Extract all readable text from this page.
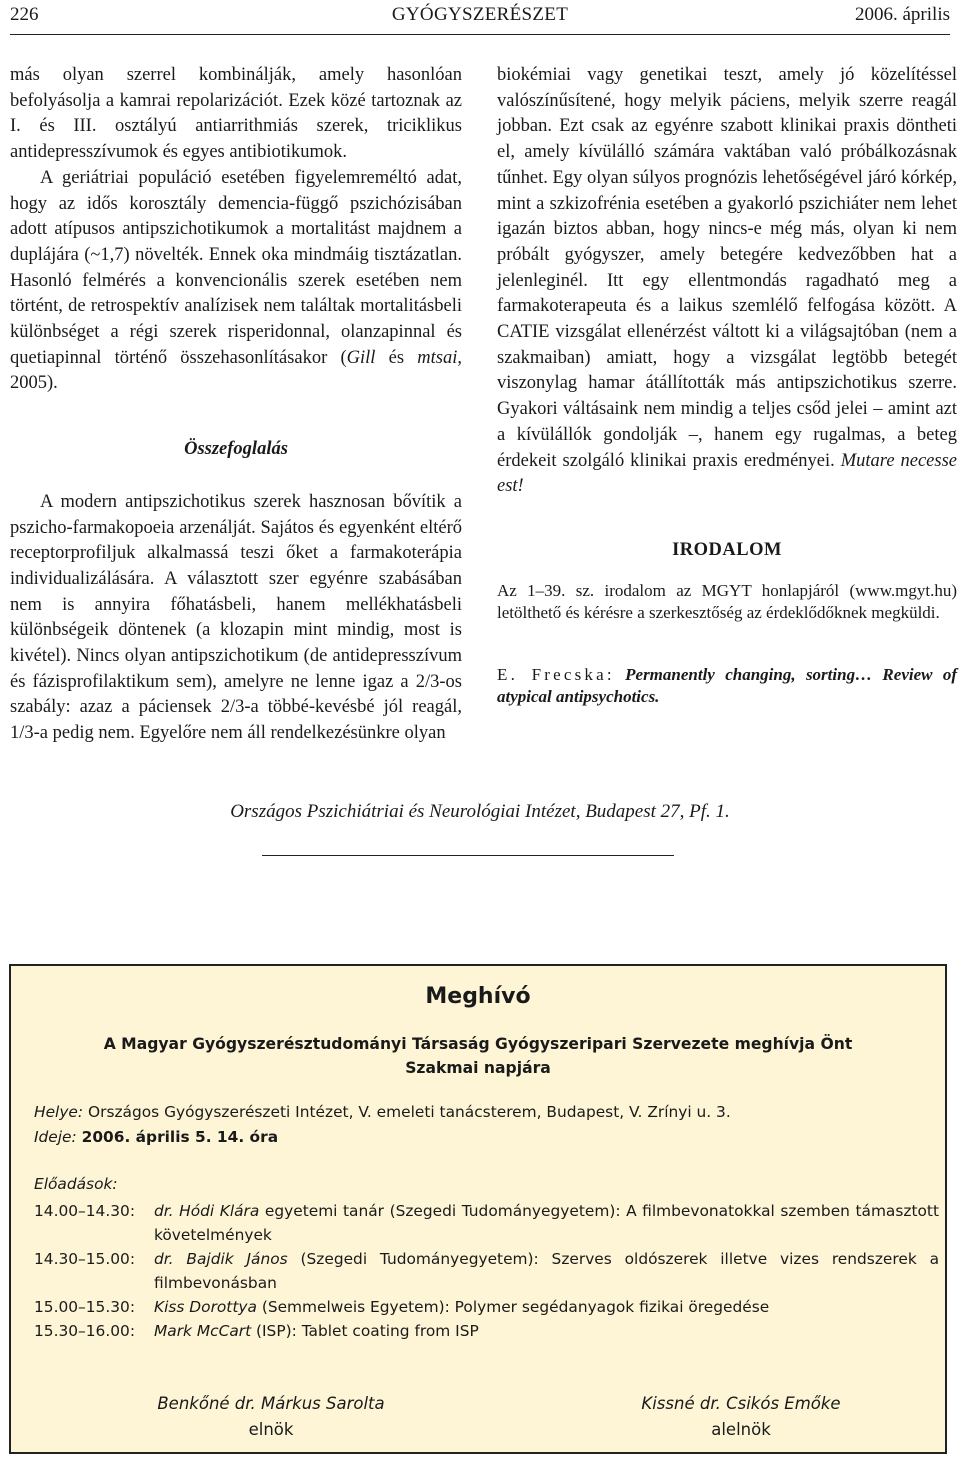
226	GYÓGYSZERÉSZET	2006. április

más olyan szerrel kombinálják, amely hasonlóan befolyásolja a kamrai repolarizációt. Ezek közé tartoznak az I. és III. osztályú antiarrithmiás szerek, triciklikus antidepresszívumok és egyes antibiotikumok.

A geriátriai populáció esetében figyelemreméltó adat, hogy az idős korosztály demencia-függő pszichózisában adott atípusos antipszichotikumok a mortalitást majdnem a duplájára (~1,7) növelték. Ennek oka mindmáig tisztázatlan. Hasonló felmérés a konvencionális szerek esetében nem történt, de retrospektív analízisek nem találtak mortalitásbeli különbséget a régi szerek risperidonnal, olanzapinnal és quetiapinnal történő összehasonlításakor (Gill és mtsai, 2005).

Összefoglalás

A modern antipszichotikus szerek hasznosan bővítik a pszicho-farmakopoeia arzenálját. Sajátos és egyenként eltérő receptorprofiljuk alkalmassá teszi őket a farmakoterápia individualizálására. A választott szer egyénre szabásában nem is annyira főhatásbeli, hanem mellékhatásbeli különbségeik döntenek (a klozapin mint mindig, most is kivétel). Nincs olyan antipszichotikum (de antidepresszívum és fázisprofilaktikum sem), amelyre ne lenne igaz a 2/3-os szabály: azaz a páciensek 2/3-a többé-kevésbé jól reagál, 1/3-a pedig nem. Egyelőre nem áll rendelkezésünkre olyan

biokémiai vagy genetikai teszt, amely jó közelítéssel valószínűsítené, hogy melyik páciens, melyik szerre reagál jobban. Ezt csak az egyénre szabott klinikai praxis döntheti el, amely kívülálló számára vaktában való próbálkozásnak tűnhet. Egy olyan súlyos prognózis lehetőségével járó kórkép, mint a szkizofrénia esetében a gyakorló pszichiáter nem lehet igazán biztos abban, hogy nincs-e még más, olyan ki nem próbált gyógyszer, amely betegére kedvezőbben hat a jelenleginél. Itt egy ellentmondás ragadható meg a farmakoterapeuta és a laikus szemlélő felfogása között. A CATIE vizsgálat ellenérzést váltott ki a világsajtóban (nem a szakmaiban) amiatt, hogy a vizsgálat legtöbb betegét viszonylag hamar átállították más antipszichotikus szerre. Gyakori váltásaink nem mindig a teljes csőd jelei – amint azt a kívülállók gondolják –, hanem egy rugalmas, a beteg érdekeit szolgáló klinikai praxis eredményei. Mutare necesse est!

IRODALOM

Az 1–39. sz. irodalom az MGYT honlapjáról (www.mgyt.hu) letölthető és kérésre a szerkesztőség az érdeklődőknek megküldi.

E. Frecska: Permanently changing, sorting… Review of atypical antipsychotics.

Országos Pszichiátriai és Neurológiai Intézet, Budapest 27, Pf. 1.
Meghívó
A Magyar Gyógyszerésztudományi Társaság Gyógyszeripari Szervezete meghívja Önt
Szakmai napjára
Helye: Országos Gyógyszerészeti Intézet, V. emeleti tanácsterem, Budapest, V. Zrínyi u. 3.
Ideje: 2006. április 5. 14. óra
Előadások:
14.00–14.30:	dr. Hódi Klára egyetemi tanár (Szegedi Tudományegyetem): A filmbevonatokkal szemben támasztott követelmények
14.30–15.00:	dr. Bajdik János (Szegedi Tudományegyetem): Szerves oldószerek illetve vizes rendszerek a filmbevonásban
15.00–15.30:	Kiss Dorottya (Semmelweis Egyetem): Polymer segédanyagok fizikai öregedése
15.30–16.00:	Mark McCart (ISP): Tablet coating from ISP
Benkőné dr. Márkus Sarolta
elnök
Kissné dr. Csikós Emőke
alelnök
